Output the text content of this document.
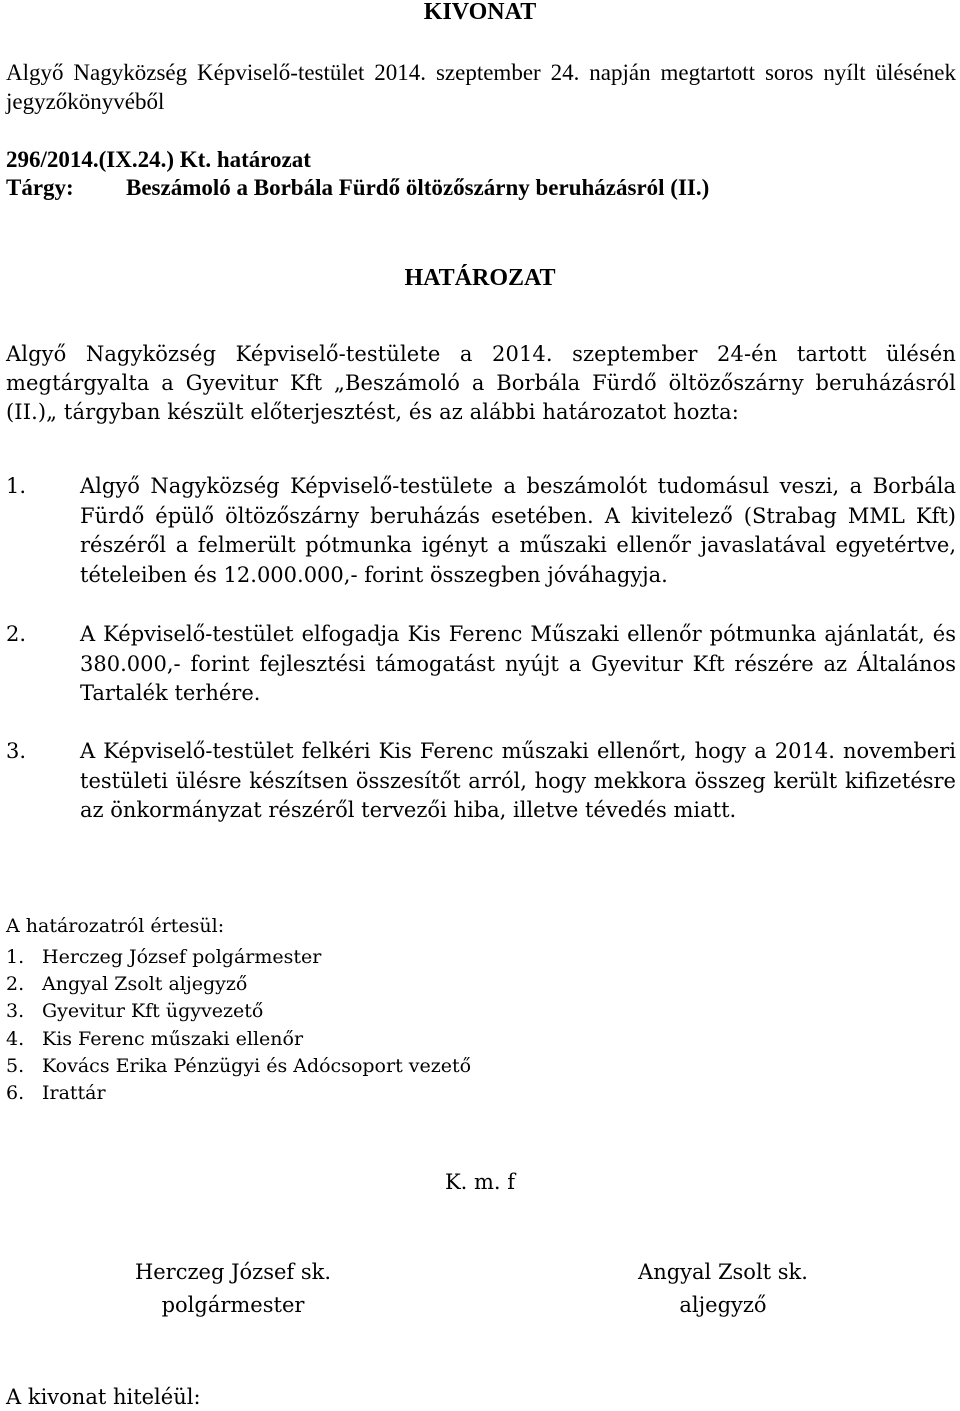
KIVONAT
Algyő Nagyközség Képviselő-testület 2014. szeptember 24. napján megtartott soros nyílt ülésének jegyzőkönyvéből
296/2014.(IX.24.) Kt. határozat
Tárgy: Beszámoló a Borbála Fürdő öltözőszárny beruházásról (II.)
HATÁROZAT
Algyő Nagyközség Képviselő-testülete a 2014. szeptember 24-én tartott ülésén megtárgyalta a Gyevitur Kft „Beszámoló a Borbála Fürdő öltözőszárny beruházásról (II.)„ tárgyban készült előterjesztést, és az alábbi határozatot hozta:
1.	Algyő Nagyközség Képviselő-testülete a beszámolót tudomásul veszi, a Borbála Fürdő épülő öltözőszárny beruházás esetében. A kivitelező (Strabag MML Kft) részéről a felmerült pótmunka igényt a műszaki ellenőr javaslatával egyetértve, tételeiben és 12.000.000,- forint összegben jóváhagyja.
2.	A Képviselő-testület elfogadja Kis Ferenc Műszaki ellenőr pótmunka ajánlatát, és 380.000,- forint fejlesztési támogatást nyújt a Gyevitur Kft részére az Általános Tartalék terhére.
3.	A Képviselő-testület felkéri Kis Ferenc műszaki ellenőrt, hogy a 2014. novemberi testületi ülésre készítsen összesítőt arról, hogy mekkora összeg került kifizetésre az önkormányzat részéről tervezői hiba, illetve tévedés miatt.
A határozatról értesül:
1. Herczeg József polgármester
2. Angyal Zsolt aljegyző
3. Gyevitur Kft ügyvezető
4. Kis Ferenc műszaki ellenőr
5. Kovács Erika Pénzügyi és Adócsoport vezető
6. Irattár
K. m. f
Herczeg József sk.
polgármester
Angyal Zsolt sk.
aljegyző
A kivonat hiteléül:
